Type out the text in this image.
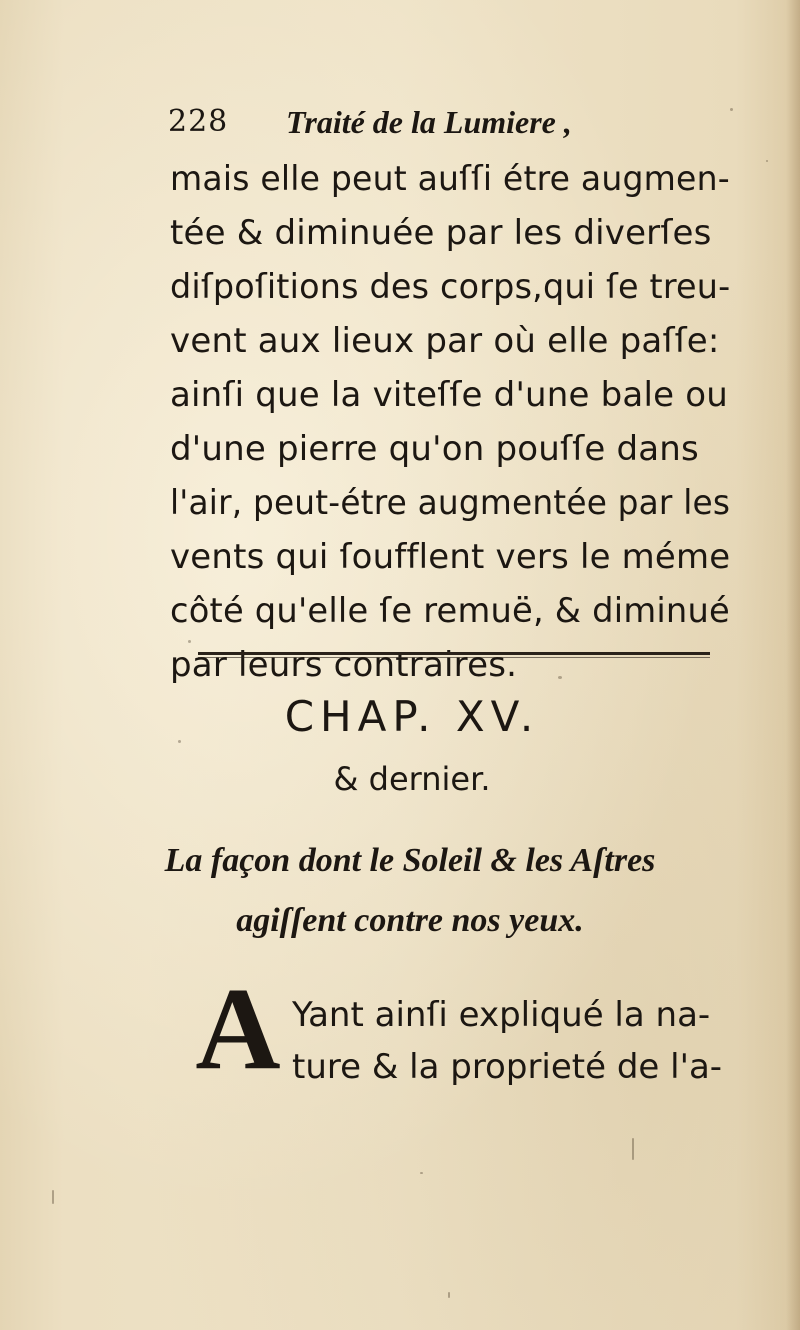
228 Traité de la Lumiere ,
mais elle peut auſſi étre augmen-
tée & diminuée par les diverſes
diſpoſitions des corps,qui ſe treu-
vent aux lieux par où elle paſſe:
ainſi que la viteſſe d'une bale ou
d'une pierre qu'on pouſſe dans
l'air, peut-étre augmentée par les
vents qui ſoufflent vers le méme
côté qu'elle ſe remuë, & diminué
par leurs contraires.
CHAP. XV.
& dernier.
La façon dont le Soleil & les Aſtres
agiſſent contre nos yeux.
A Yant ainſi expliqué la na-
ture & la proprieté de l'a-
